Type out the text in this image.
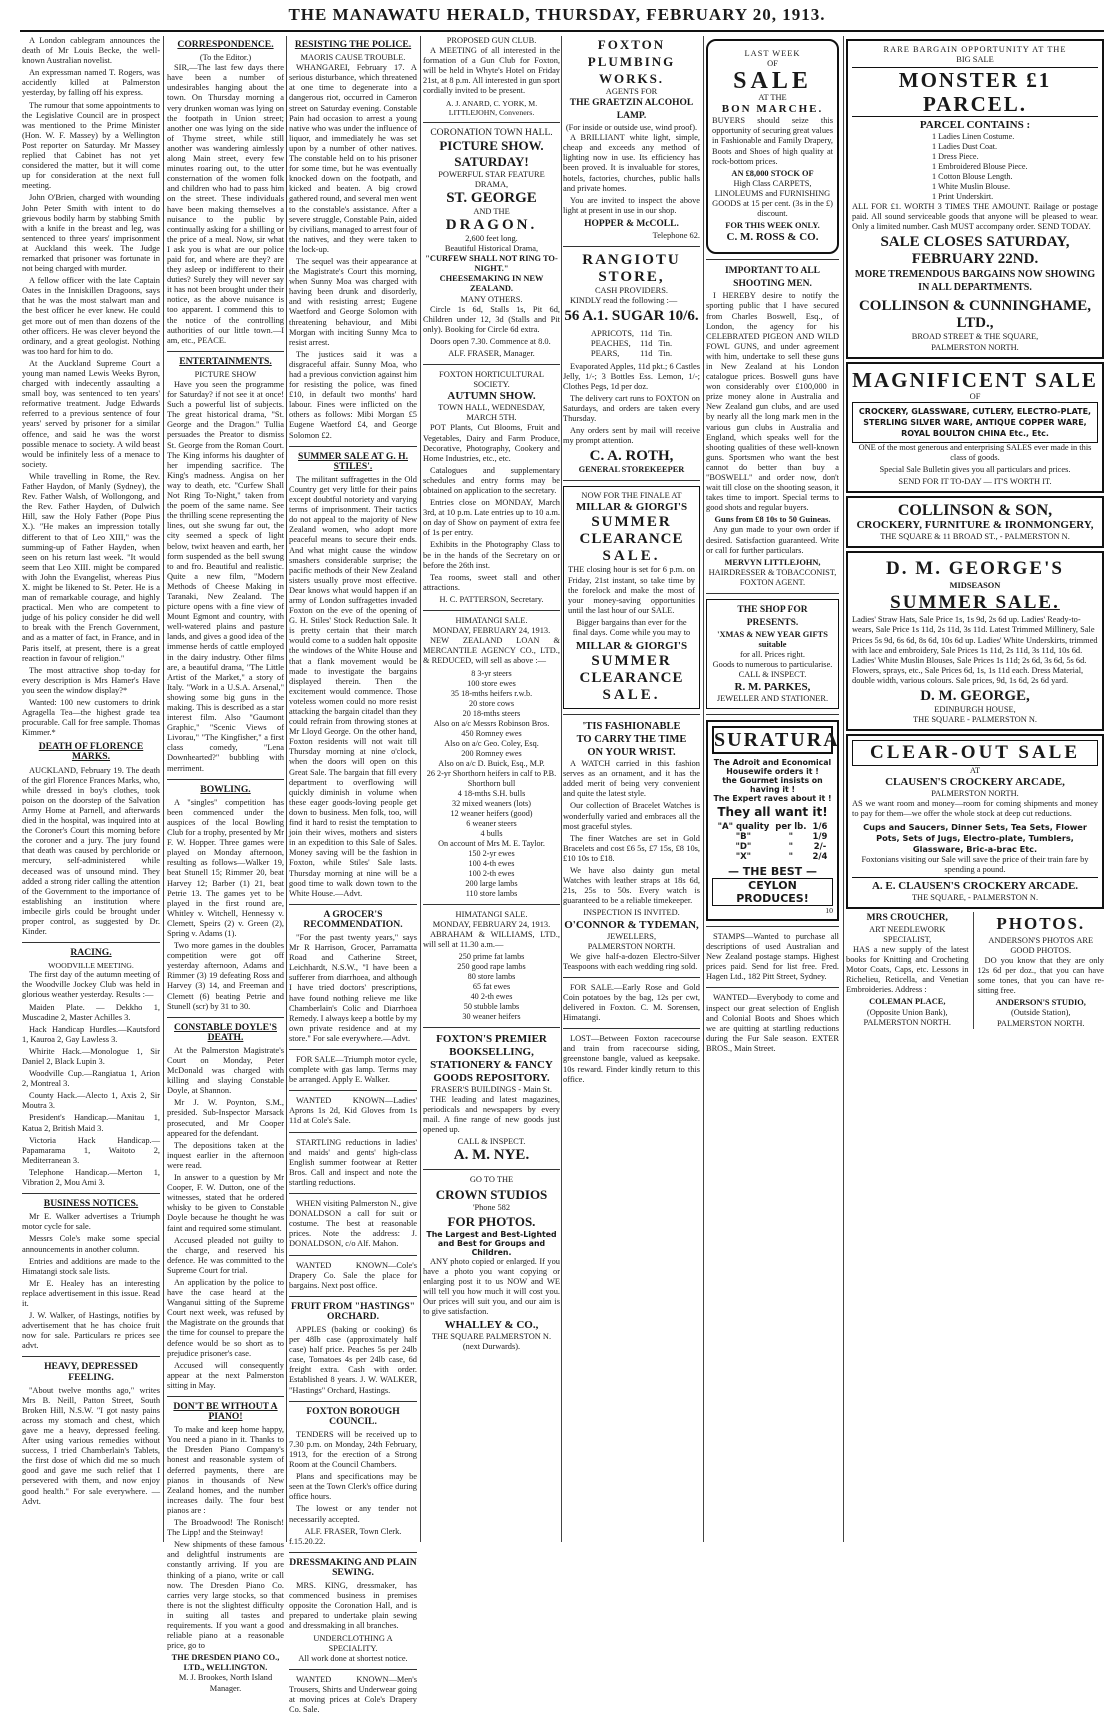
THE MANAWATU HERALD, THURSDAY, FEBRUARY 20, 1913.

A London cablegram announces the death of Mr Louis Becke, the well-known Australian novelist.

An expressman named T. Rogers, was accidently killed at Palmerston yesterday, by falling off his express.

The rumour that some appointments to the Legislative Council are in prospect was mentioned to the Prime Minister (Hon. W. F. Massey) by a Wellington Post reporter on Saturday. Mr Massey replied that Cabinet has not yet considered the matter, but it will come up for consideration at the next full meeting.

John O'Brien, charged with wounding John Peter Smith with intent to do grievous bodily harm by stabbing Smith with a knife in the breast and leg, was sentenced to three years' imprisonment at Auckland this week. The Judge remarked that prisoner was fortunate in not being charged with murder.

A fellow officer with the late Captain Oates in the Inniskillen Dragoons, says that he was the most stalwart man and the best officer he ever knew. He could get more out of men than dozens of the other officers. He was clever beyond the ordinary, and a great geologist. Nothing was too hard for him to do.

At the Auckland Supreme Court a young man named Lewis Weeks Byron, charged with indecently assaulting a small boy, was sentenced to ten years' reformative treatment. Judge Edwards referred to a previous sentence of four years' served by prisoner for a similar offence, and said he was the worst possible menace to society. A wild beast would be infinitely less of a menace to society.

While travelling in Rome, the Rev. Father Haydon, of Manly (Sydney), the Rev. Father Walsh, of Wollongong, and the Rev. Father Hayden, of Dulwich Hill, saw the Holy Father (Pope Pius X.). "He makes an impression totally different to that of Leo XIII," was the summing-up of Father Hayden, when seen on his return last week. "It would seem that Leo XIII. might be compared with John the Evangelist, whereas Pius X. might be likened to St. Peter. He is a man of remarkable courage, and highly practical. Men who are competent to judge of his policy consider he did well to break with the French Government, and as a matter of fact, in France, and in Paris itself, at present, there is a great reaction in favour of religion."

The most attractive shop to-day for every description is Mrs Hamer's Have you seen the window display?*

Wanted: 100 new customers to drink Agragella Tea—the highest grade tea procurable. Call for free sample. Thomas Kimmer.*

DEATH OF FLORENCE MARKS.

AUCKLAND, February 19. The death of the girl Florence Frances Marks, who, while dressed in boy's clothes, took poison on the doorstep of the Salvation Army Home at Parnell, and afterwards died in the hospital, was inquired into at the Coroner's Court this morning before the coroner and a jury. The jury found that death was caused by perchloride or mercury, self-administered while deceased was of unsound mind. They added a strong rider calling the attention of the Government to the importance of establishing an institution where imbecile girls could be brought under proper control, as suggested by Dr. Kinder.

RACING.
WOODVILLE MEETING.

The first day of the autumn meeting of the Woodville Jockey Club was held in glorious weather yesterday. Results :—

Maiden Plate. — Dekkho 1, Muscadine 2, Master Achilles 3.

Hack Handicap Hurdles.—Kautsford 1, Kauroa 2, Gay Lawless 3.

Whirite Hack.—Monologue 1, Sir Daniel 2, Black Lupin 3.

Woodville Cup.—Rangiatua 1, Arion 2, Montreal 3.

County Hack.—Alecto 1, Axis 2, Sir Moutra 3.

President's Handicap.—Manitau 1, Katua 2, British Maid 3.

Victoria Hack Handicap.—Papamarama 1, Waitoto 2, Mediterranean 3.

Telephone Handicap.—Merton 1, Vibration 2, Mou Ami 3.

BUSINESS NOTICES.

Mr E. Walker advertises a Triumph motor cycle for sale.

Messrs Cole's make some special announcements in another column.

Entries and additions are made to the Himatangi stock sale lists.

Mr E. Healey has an interesting replace advertisement in this issue. Read it.

J. W. Walker, of Hastings, notifies by advertisement that he has choice fruit now for sale. Particulars re prices see advt.

HEAVY, DEPRESSED FEELING.

"About twelve months ago," writes Mrs B. Neill, Patton Street, South Broken Hill, N.S.W. "I got nasty pains across my stomach and chest, which gave me a heavy, depressed feeling. After using various remedies without success, I tried Chamberlain's Tablets, the first dose of which did me so much good and gave me such relief that I persevered with them, and now enjoy good health." For sale everywhere. —Advt.

CORRESPONDENCE.
(To the Editor.)

SIR,—The last few days there have been a number of undesirables hanging about the town. On Thursday morning a very drunken woman was lying on the footpath in Union street; another one was lying on the side of Thyme street, while still another was wandering aimlessly along Main street, every few minutes roaring out, to the utter consternation of the women folk and children who had to pass him on the street. These individuals have been making themselves a nuisance to the public by continually asking for a shilling or the price of a meal. Now, sir what I ask you is what are our police paid for, and where are they? are they asleep or indifferent to their duties? Surely they will never say it has not been brought under their notice, as the above nuisance is too apparent. I commend this to the notice of the controlling authorities of our little town.—I am, etc., PEACE.

ENTERTAINMENTS.
PICTURE SHOW

Have you seen the programme for Saturday? if not see it at once! Such a powerful list of subjects. The great historical drama, "St. George and the Dragon." Tullia persuades the Preator to dismiss St. George from the Roman Court. The King informs his daughter of her impending sacrifice. The King's madness. Angisa on her way to death, etc. "Curfew Shall Not Ring To-Night," taken from the poem of the same name. See the thrilling scene representing the lines, out she swung far out, the city seemed a speck of light below, twixt heaven and earth, her form suspended as the bell swung to and fro. Beautiful and realistic. Quite a new film, "Modern Methods of Cheese Making in Taranaki, New Zealand. The picture opens with a fine view of Mount Egmont and country, with well-watered plains and pasture lands, and gives a good idea of the immense herds of cattle employed in the dairy industry. Other films are, a beautiful drama, "The Little Artist of the Market," a story of Italy. "Work in a U.S.A. Arsenal," showing some big guns in the making. This is described as a star interest film. Also "Gaumont Graphic," "Scenic Views of Livorau," "The Kingfisher," a first class comedy, "Lena Downhearted?" bubbling with merriment.

BOWLING.

A "singles" competition has been commenced under the auspices of the local Bowling Club for a trophy, presented by Mr F. W. Hopper. Three games were played on Monday afternoon, resulting as follows—Walker 19, beat Stunell 15; Rimmer 20, beat Harvey 12; Barber (1) 21, beat Petrie 13. The games yet to be played in the first round are, Whitley v. Witchell, Hennessy v. Clemett, Speirs (2) v. Green (2), Spring v. Adams (1).

Two more games in the doubles competition were got off yesterday afternoon, Adams and Rimmer (3) 19 defeating Ross and Harvey (3) 14, and Freeman and Clemett (6) beating Petrie and Stunell (scr) by 31 to 30.

CONSTABLE DOYLE'S DEATH.

At the Palmerston Magistrate's Court on Monday, Peter McDonald was charged with killing and slaying Constable Doyle, at Shannon.

Mr J. W. Poynton, S.M., presided. Sub-Inspector Marsack prosecuted, and Mr Cooper appeared for the defendant.

The depositions taken at the inquest earlier in the afternoon were read.

In answer to a question by Mr Cooper, F. W. Dutton, one of the witnesses, stated that he ordered whisky to be given to Constable Doyle because he thought he was faint and required some stimulant.

Accused pleaded not guilty to the charge, and reserved his defence. He was committed to the Supreme Court for trial.

An application by the police to have the case heard at the Wanganui sitting of the Supreme Court next week, was refused by the Magistrate on the grounds that the time for counsel to prepare the defence would be so short as to prejudice prisoner's case.

Accused will consequently appear at the next Palmerston sitting in May.

DON'T BE WITHOUT A PIANO!

To make and keep home happy, You need a piano in it. Thanks to the Dresden Piano Company's honest and reasonable system of deferred payments, there are pianos in thousands of New Zealand homes, and the number increases daily. The four best pianos are :

The Broadwood! The Ronisch! The Lipp! and the Steinway!

New shipments of these famous and delightful instruments are constantly arriving. If you are thinking of a piano, write or call now. The Dresden Piano Co. carries very large stocks, so that there is not the slightest difficulty in suiting all tastes and requirements. If you want a good reliable piano at a reasonable price, go to

THE DRESDEN PIANO CO., LTD., WELLINGTON.
M. J. Brookes, North Island Manager.
RESISTING THE POLICE.
MAORIS CAUSE TROUBLE.

WHANGAREI, February 17. A serious disturbance, which threatened at one time to degenerate into a dangerous riot, occurred in Cameron street on Saturday evening. Constable Pain had occasion to arrest a young native who was under the influence of liquor, and immediately he was set upon by a number of other natives. The constable held on to his prisoner for some time, but he was eventually knocked down on the footpath, and kicked and beaten. A big crowd gathered round, and several men went to the constable's assistance. After a severe struggle, Constable Pain, aided by civilians, managed to arrest four of the natives, and they were taken to the lock-up.

The sequel was their appearance at the Magistrate's Court this morning, when Sunny Moa was charged with having been drunk and disorderly, and with resisting arrest; Eugene Waetford and George Solomon with threatening behaviour, and Mibi Morgan with inciting Sunny Mca to resist arrest.

The justices said it was a disgraceful affair. Sunny Moa, who had a previous conviction against him for resisting the police, was fined £10, in default two months' hard labour. Fines were inflicted on the others as follows: Mibi Morgan £5 Eugene Waetford £4, and George Solomon £2.

SUMMER SALE AT G. H. STILES'.

The militant suffragettes in the Old Country get very little for their pains except doubtful notoriety and varying terms of imprisonment. Their tactics do not appeal to the majority of New Zealand women, who adopt more peaceful means to secure their ends. And what might cause the window smashers considerable surprise; the pacific methods of their New Zealand sisters usually prove most effective. Dear knows what would happen if an army of London suffragettes invaded Foxton on the eve of the opening of G. H. Stiles' Stock Reduction Sale. It is pretty certain that their march would come to a sudden halt opposite the windows of the White House and that a flank movement would be made to investigate the bargains displayed therein. Then the excitement would commence. Those voteless women could no more resist attacking the bargain citadel than they could refrain from throwing stones at Mr Lloyd George. On the other hand, Foxton residents will not wait till Thursday morning at nine o'clock, when the doors will open on this Great Sale. The bargain that fill every department to overflowing will quickly diminish in volume when these eager goods-loving people get down to business. Men folk, too, will find it hard to resist the temptation to join their wives, mothers and sisters in an expedition to this Sale of Sales. Money saving will be the fashion in Foxton, while Stiles' Sale lasts. Thursday morning at nine will be a good time to walk down town to the White House.—Advt.

A GROCER'S RECOMMENDATION.

"For the past twenty years," says Mr R Harrison, Grocer, Parramatta Road and Catherine Street, Leichhardt, N.S.W., "I have been a sufferer from diarrhoea, and although I have tried doctors' prescriptions, have found nothing relieve me like Chamberlain's Colic and Diarrhoea Remedy. I always keep a bottle by my own private residence and at my store." For sale everywhere.—Advt.

FOR SALE—Triumph motor cycle, complete with gas lamp. Terms may be arranged. Apply E. Walker.

WANTED KNOWN—Ladies' Aprons 1s 2d, Kid Gloves from 1s 11d at Cole's Sale.

STARTLING reductions in ladies' and maids' and gents' high-class English summer footwear at Retter Bros. Call and inspect and note the startling reductions.

WHEN visiting Palmerston N., give DONALDSON a call for suit or costume. The best at reasonable prices. Note the address: J. DONALDSON, c/o Alf. Mahon.

WANTED KNOWN—Cole's Drapery Co. Sale the place for bargains. Next post office.

FRUIT FROM "HASTINGS" ORCHARD.

APPLES (baking or cooking) 6s per 48lb case (approximately half case) half price. Peaches 5s per 24lb case, Tomatoes 4s per 24lb case, 6d freight extra. Cash with order. Established 8 years. J. W. WALKER, "Hastings" Orchard, Hastings.

FOXTON BOROUGH COUNCIL.

TENDERS will be received up to 7.30 p.m. on Monday, 24th February, 1913, for the erection of a Strong Room at the Council Chambers.

Plans and specifications may be seen at the Town Clerk's office during office hours.

The lowest or any tender not necessarily accepted.

ALF. FRASER, Town Clerk.
f.15.20.22.
DRESSMAKING AND PLAIN SEWING.

MRS. KING, dressmaker, has commenced business in premises opposite the Coronation Hall, and is prepared to undertake plain sewing and dressmaking in all branches.

UNDERCLOTHING A SPECIALITY.
All work done at shortest notice.

WANTED KNOWN—Men's Trousers, Shirts and Underwear going at moving prices at Cole's Drapery Co. Sale.

PROPOSED GUN CLUB.

A MEETING of all interested in the formation of a Gun Club for Foxton, will be held in Whyte's Hotel on Friday 21st, at 8 p.m. All interested in gun sport cordially invited to be present.

A. J. ANARD, C. YORK, M. LITTLEJOHN, Conveners.
CORONATION TOWN HALL.
PICTURE SHOW.
SATURDAY!
POWERFUL STAR FEATURE DRAMA,
ST. GEORGE
AND THE
DRAGON.
2,600 feet long.
Beautiful Historical Drama,
"CURFEW SHALL NOT RING TO-NIGHT."
CHEESEMAKING IN NEW ZEALAND.
MANY OTHERS.

Circle 1s 6d, Stalls 1s, Pit 6d, Children under 12, 3d (Stalls and Pit only). Booking for Circle 6d extra.

Doors open 7.30. Commence at 8.0.

ALF. FRASER, Manager.
FOXTON HORTICULTURAL SOCIETY.
AUTUMN SHOW.
TOWN HALL, WEDNESDAY, MARCH 5TH.

POT Plants, Cut Blooms, Fruit and Vegetables, Dairy and Farm Produce, Decorative, Photography, Cookery and Home Industries, etc., etc.

Catalogues and supplementary schedules and entry forms may be obtained on application to the secretary.

Entries close on MONDAY, March 3rd, at 10 p.m. Late entries up to 10 a.m. on day of Show on payment of extra fee of 1s per entry.

Exhibits in the Photography Class to be in the hands of the Secretary on or before the 26th inst.

Tea rooms, sweet stall and other attractions.

H. C. PATTERSON, Secretary.
HIMATANGI SALE.
MONDAY, FEBRUARY 24, 1913.

NEW ZEALAND LOAN & MERCANTILE AGENCY CO., LTD., & REDUCED, will sell as above :—

8 3-yr steers
100 store ewes
35 18-mths heifers r.w.b.
20 store cows
20 18-mths steers
Also on a/c Messrs Robinson Bros.
450 Romney ewes
Also on a/c Geo. Coley, Esq.
200 Romney ewes
Also on a/c D. Buick, Esq., M.P.
26 2-yr Shorthorn heifers in calf to P.B. Shorthorn bull
4 18-mths S.H. bulls
32 mixed weaners (lots)
12 weaner heifers (good)
6 weaner steers
4 bulls
On account of Mrs M. E. Taylor.
150 2-yr ewes
100 4-th ewes
100 2-th ewes
200 large lambs
110 store lambs
HIMATANGI SALE.
MONDAY, FEBRUARY 24, 1913.

ABRAHAM & WILLIAMS, LTD., will sell at 11.30 a.m.—

250 prime fat lambs
250 good rape lambs
80 store lambs
65 fat ewes
40 2-th ewes
50 stubble lambs
30 weaner heifers
FOXTON'S PREMIER
BOOKSELLING, STATIONERY & FANCY
GOODS REPOSITORY.
FRASER'S BUILDINGS - Main St.

THE leading and latest magazines, periodicals and newspapers by every mail. A fine range of new goods just opened up.

CALL & INSPECT.
A. M. NYE.
GO TO THE
CROWN STUDIOS
'Phone 582
FOR PHOTOS.
The Largest and Best-Lighted and Best for Groups and Children.

ANY photo copied or enlarged. If you have a photo you want copying or enlarging post it to us NOW and WE will tell you how much it will cost you. Our prices will suit you, and our aim is to give satisfaction.

WHALLEY & CO.,
THE SQUARE PALMERSTON N. (next Durwards).
FOXTON
PLUMBING WORKS.
AGENTS FOR
THE GRAETZIN ALCOHOL LAMP.
(For inside or outside use, wind proof).

A BRILLIANT white light, simple, cheap and exceeds any method of lighting now in use. Its efficiency has been proved. It is invaluable for stores, hotels, factories, churches, public halls and private homes.

You are invited to inspect the above light at present in use in our shop.

HOPPER & McCOLL.
Telephone 62.
RANGIOTU
STORE,
CASH PROVIDERS.

KINDLY read the following :—

56 A.1. SUGAR 10/6.
APRICOTS,	11d	Tin.
PEACHES,	11d	Tin.
PEARS,	11d	Tin.

Evaporated Apples, 11d pkt.; 6 Castles Jelly, 1/-; 3 Bottles Ess. Lemon, 1/-; Clothes Pegs, 1d per doz.

The delivery cart runs to FOXTON on Saturdays, and orders are taken every Thursday.

Any orders sent by mail will receive my prompt attention.

C. A. ROTH,
GENERAL STOREKEEPER
NOW FOR THE FINALE AT
MILLAR & GIORGI'S
SUMMER
CLEARANCE
SALE.

THE closing hour is set for 6 p.m. on Friday, 21st instant, so take time by the forelock and make the most of your money-saving opportunities until the last hour of our SALE.

Bigger bargains than ever for the final days. Come while you may to

MILLAR & GIORGI'S
SUMMER
CLEARANCE
SALE.
'TIS FASHIONABLE
TO CARRY THE TIME
ON YOUR WRIST.

A WATCH carried in this fashion serves as an ornament, and it has the added merit of being very convenient and quite the latest style.

Our collection of Bracelet Watches is wonderfully varied and embraces all the most graceful styles.

The finer Watches are set in Gold Bracelets and cost £6 5s, £7 15s, £8 10s, £10 10s to £18.

We have also dainty gun metal Watches with leather straps at 18s 6d, 21s, 25s to 50s. Every watch is guaranteed to be a reliable timekeeper.

INSPECTION IS INVITED.
O'CONNOR & TYDEMAN,
JEWELLERS,
PALMERSTON NORTH.

We give half-a-dozen Electro-Silver Teaspoons with each wedding ring sold.

FOR SALE.—Early Rose and Gold Coin potatoes by the bag, 12s per cwt, delivered in Foxton. C. M. Sorensen, Himatangi.

LOST—Between Foxton racecourse and train from racecourse siding, greenstone bangle, valued as keepsake. 10s reward. Finder kindly return to this office.

LAST WEEK
OF
SALE
AT THE
BON MARCHE.

BUYERS should seize this opportunity of securing great values in Fashionable and Family Drapery, Boots and Shoes of high quality at rock-bottom prices.

AN £8,000 STOCK OF

High Class CARPETS, LINOLEUMS and FURNISHING GOODS at 15 per cent. (3s in the £) discount.

FOR THIS WEEK ONLY.
C. M. ROSS & CO.
IMPORTANT TO ALL SHOOTING MEN.

I HEREBY desire to notify the sporting public that I have secured from Charles Boswell, Esq., of London, the agency for his CELEBRATED PIGEON AND WILD FOWL GUNS, and under agreement with him, undertake to sell these guns in New Zealand at his London catalogue prices. Boswell guns have won considerably over £100,000 in prize money alone in Australia and New Zealand gun clubs, and are used by nearly all the long mark men in the various gun clubs in Australia and England, which speaks well for the shooting qualities of these well-known guns. Sportsmen who want the best cannot do better than buy a "BOSWELL" and order now, don't wait till close on the shooting season, it takes time to import. Special terms to good shots and regular buyers.

Guns from £8 10s to 50 Guineas.

Any gun made to your own order if desired. Satisfaction guaranteed. Write or call for further particulars.

MERVYN LITTLEJOHN,
HAIRDRESSER & TOBACCONIST,
FOXTON AGENT.
THE SHOP FOR PRESENTS.
'XMAS & NEW YEAR GIFTS suitable
for all. Prices right.
Goods to numerous to particularise.
CALL & INSPECT.
R. M. PARKES,
JEWELLER AND STATIONER.
SURATURA
The Adroit and Economical Housewife orders it !
the Gourmet insists on having it !
The Expert raves about it !
They all want it!
"A" quality	per lb.	1/6
"B"	"	1/9
"D"	"	2/-
"X"	"	2/4
— THE BEST —
CEYLON PRODUCES!
10

STAMPS—Wanted to purchase all descriptions of used Australian and New Zealand postage stamps. Highest prices paid. Send for list free. Fred. Hagen Ltd., 182 Pitt Street, Sydney.

WANTED—Everybody to come and inspect our great selection of English and Colonial Boots and Shoes which we are quitting at startling reductions during the Fur Sale season. EXTER BROS., Main Street.

RARE BARGAIN OPPORTUNITY AT THE
BIG SALE
MONSTER £1 PARCEL.
PARCEL CONTAINS :
1 Ladies Linen Costume.
1 Ladies Dust Coat.
1 Dress Piece.
1 Embroidered Blouse Piece.
1 Cotton Blouse Length.
1 White Muslin Blouse.
1 Print Underskirt.

ALL FOR £1. WORTH 3 TIMES THE AMOUNT. Railage or postage paid. All sound serviceable goods that anyone will be pleased to wear. Only a limited number. Cash MUST accompany order. SEND TODAY.

SALE CLOSES SATURDAY, FEBRUARY 22ND.
MORE TREMENDOUS BARGAINS NOW SHOWING IN ALL DEPARTMENTS.
COLLINSON & CUNNINGHAME, LTD.,
BROAD STREET & THE SQUARE,
PALMERSTON NORTH.
MAGNIFICENT SALE
OF
CROCKERY, GLASSWARE, CUTLERY, ELECTRO-PLATE, STERLING SILVER WARE, ANTIQUE COPPER WARE, ROYAL BOULTON CHINA Etc., Etc.

ONE of the most generous and enterprising SALES ever made in this class of goods.

Special Sale Bulletin gives you all particulars and prices.

SEND FOR IT TO-DAY — IT'S WORTH IT.
COLLINSON & SON,
CROCKERY, FURNITURE & IRONMONGERY,
THE SQUARE & 11 BROAD ST., - PALMERSTON N.
D. M. GEORGE'S
MIDSEASON
SUMMER SALE.

Ladies' Straw Hats, Sale Price 1s, 1s 9d, 2s 6d up. Ladies' Ready-to-wears, Sale Price 1s 11d, 2s 11d, 3s 11d. Latest Trimmed Millinery, Sale Prices 5s 9d, 6s 6d, 8s 6d, 10s 6d up. Ladies' White Underskirts, trimmed with lace and embroidery, Sale Prices 1s 11d, 2s 11d, 3s 11d, 10s 6d. Ladies' White Muslin Blouses, Sale Prices 1s 11d; 2s 6d, 3s 6d, 5s 6d. Flowers, sprays, etc., Sale Prices 6d, 1s, 1s 11d each. Dress Material, double width, various colours. Sale prices, 9d, 1s 6d, 2s 6d yard.

D. M. GEORGE,
EDINBURGH HOUSE,
THE SQUARE - PALMERSTON N.
CLEAR-OUT SALE
AT
CLAUSEN'S CROCKERY ARCADE,
PALMERSTON NORTH.

AS we want room and money—room for coming shipments and money to pay for them—we offer the whole stock at deep cut reductions.

Cups and Saucers, Dinner Sets, Tea Sets, Flower Pots, Sets of Jugs, Electro-plate, Tumblers, Glassware, Bric-a-brac Etc.

Foxtonians visiting our Sale will save the price of their train fare by spending a pound.

A. E. CLAUSEN'S CROCKERY ARCADE.
THE SQUARE, - PALMERSTON N.
MRS CROUCHER,
ART NEEDLEWORK
SPECIALIST,

HAS a new supply of the latest books for Knitting and Crocheting Motor Coats, Caps, etc. Lessons in Richelieu, Reticella, and Venetian Embroideries. Address :

COLEMAN PLACE,
(Opposite Union Bank),
PALMERSTON NORTH.
PHOTOS.
ANDERSON'S PHOTOS ARE GOOD PHOTOS.

DO you know that they are only 12s 6d per doz., that you can have some tones, that you can have re-sitting free.

ANDERSON'S STUDIO,
(Outside Station),
PALMERSTON NORTH.
